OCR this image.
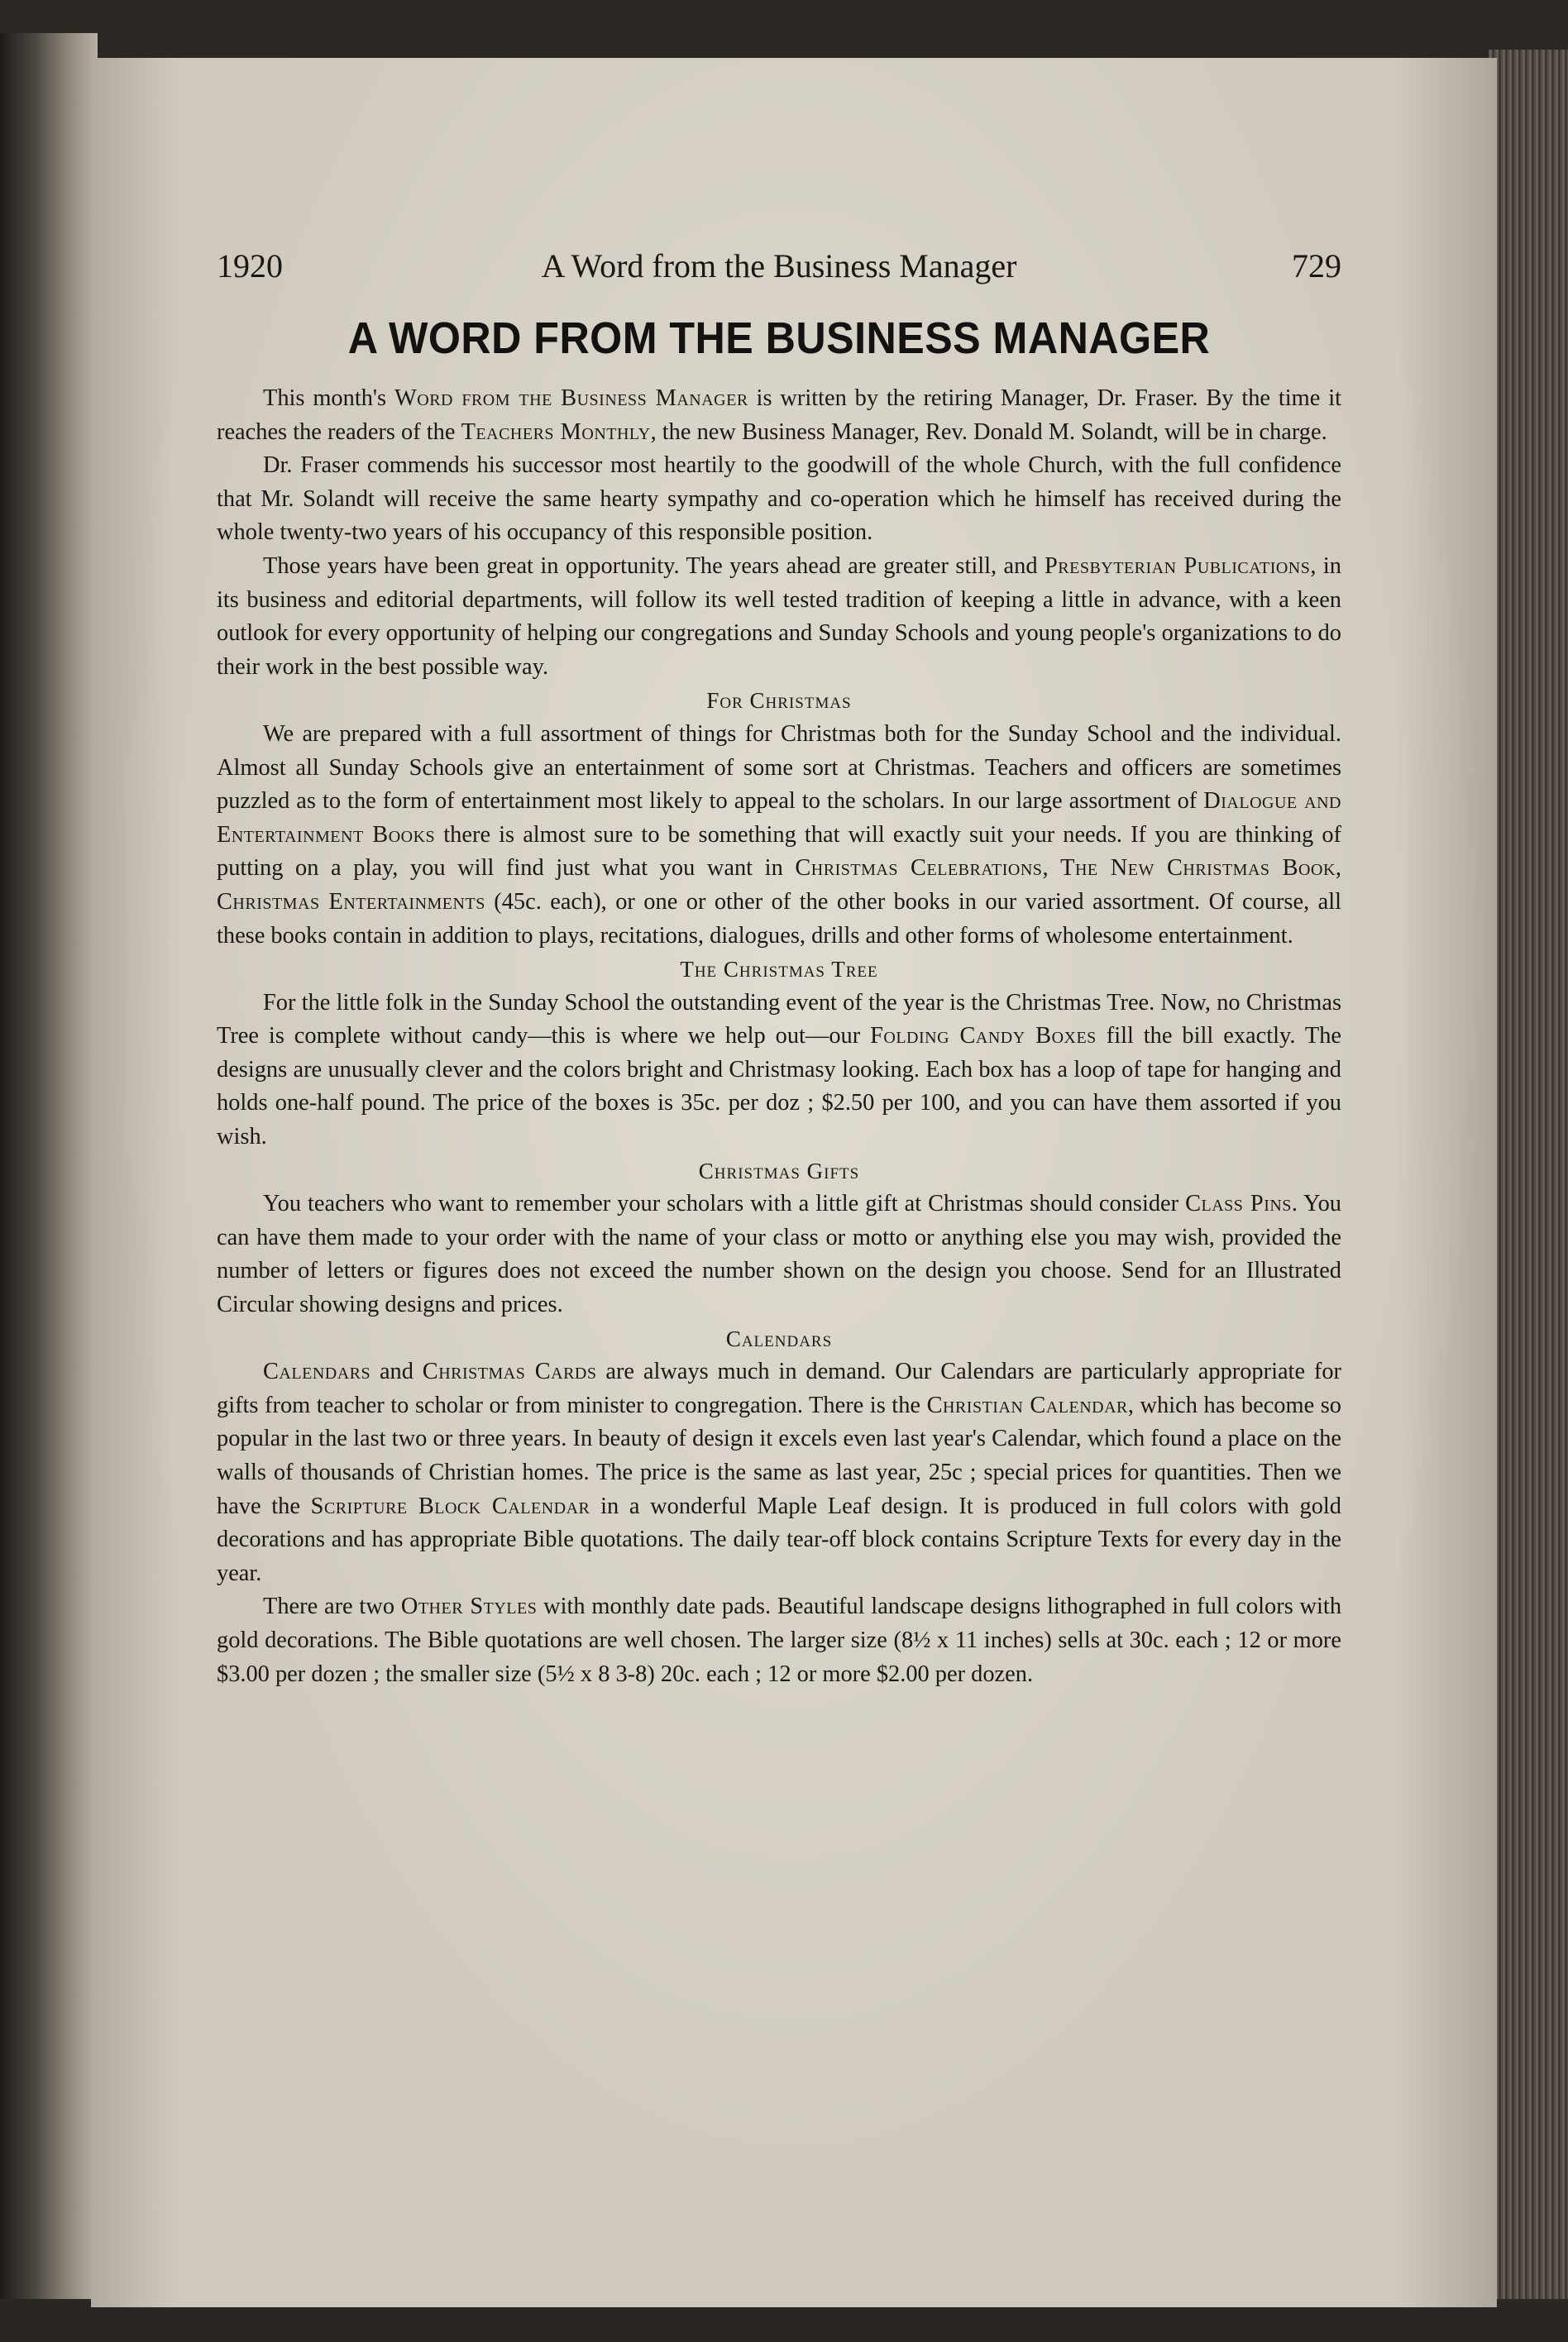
1920	A Word from the Business Manager	729
A WORD FROM THE BUSINESS MANAGER

This month's Word from the Business Manager is written by the retiring Manager, Dr. Fraser. By the time it reaches the readers of the Teachers Monthly, the new Business Manager, Rev. Donald M. Solandt, will be in charge.

Dr. Fraser commends his successor most heartily to the goodwill of the whole Church, with the full confidence that Mr. Solandt will receive the same hearty sympathy and co-operation which he himself has received during the whole twenty-two years of his occupancy of this responsible position.

Those years have been great in opportunity. The years ahead are greater still, and Presbyterian Publications, in its business and editorial departments, will follow its well tested tradition of keeping a little in advance, with a keen outlook for every opportunity of helping our congregations and Sunday Schools and young people's organizations to do their work in the best possible way.

For Christmas

We are prepared with a full assortment of things for Christmas both for the Sunday School and the individual. Almost all Sunday Schools give an entertainment of some sort at Christmas. Teachers and officers are sometimes puzzled as to the form of entertainment most likely to appeal to the scholars. In our large assortment of Dialogue and Entertainment Books there is almost sure to be something that will exactly suit your needs. If you are thinking of putting on a play, you will find just what you want in Christmas Celebrations, The New Christmas Book, Christmas Entertainments (45c. each), or one or other of the other books in our varied assortment. Of course, all these books contain in addition to plays, recitations, dialogues, drills and other forms of wholesome entertainment.

The Christmas Tree

For the little folk in the Sunday School the outstanding event of the year is the Christmas Tree. Now, no Christmas Tree is complete without candy—this is where we help out—our Folding Candy Boxes fill the bill exactly. The designs are unusually clever and the colors bright and Christmasy looking. Each box has a loop of tape for hanging and holds one-half pound. The price of the boxes is 35c. per doz ; $2.50 per 100, and you can have them assorted if you wish.

Christmas Gifts

You teachers who want to remember your scholars with a little gift at Christmas should consider Class Pins. You can have them made to your order with the name of your class or motto or anything else you may wish, provided the number of letters or figures does not exceed the number shown on the design you choose. Send for an Illustrated Circular showing designs and prices.

Calendars

Calendars and Christmas Cards are always much in demand. Our Calendars are particularly appropriate for gifts from teacher to scholar or from minister to congregation. There is the Christian Calendar, which has become so popular in the last two or three years. In beauty of design it excels even last year's Calendar, which found a place on the walls of thousands of Christian homes. The price is the same as last year, 25c ; special prices for quantities. Then we have the Scripture Block Calendar in a wonderful Maple Leaf design. It is produced in full colors with gold decorations and has appropriate Bible quotations. The daily tear-off block contains Scripture Texts for every day in the year.

There are two Other Styles with monthly date pads. Beautiful landscape designs lithographed in full colors with gold decorations. The Bible quotations are well chosen. The larger size (8½ x 11 inches) sells at 30c. each ; 12 or more $3.00 per dozen ; the smaller size (5½ x 8 3-8) 20c. each ; 12 or more $2.00 per dozen.
